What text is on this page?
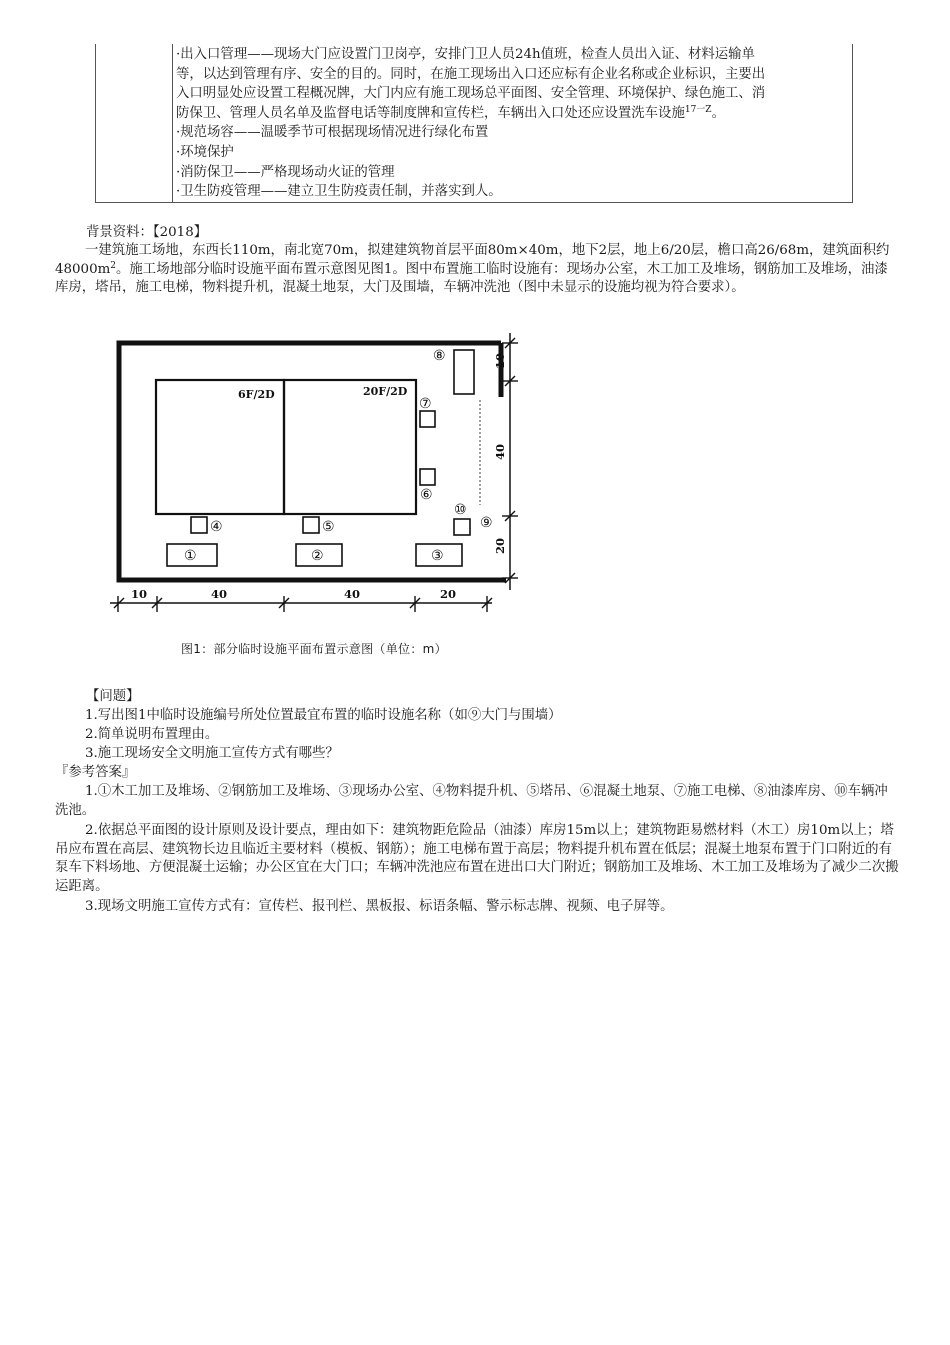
·出入口管理——现场大门应设置门卫岗亭，安排门卫人员24h值班，检查人员出入证、材料运输单

等，以达到管理有序、安全的目的。同时，在施工现场出入口还应标有企业名称或企业标识，主要出

入口明显处应设置工程概况牌，大门内应有施工现场总平面图、安全管理、环境保护、绿色施工、消

防保卫、管理人员名单及监督电话等制度牌和宣传栏，车辆出入口处还应设置洗车设施$^{17一Z}$。

·规范场容——温暖季节可根据现场情况进行绿化布置

·环境保护

·消防保卫——严格现场动火证的管理

·卫生防疫管理——建立卫生防疫责任制，并落实到人。

背景资料：【2018】

一建筑施工场地，东西长110m，南北宽70m，拟建建筑物首层平面80m×40m，地下2层，地上6/20层，檐口高26/68m，建筑面积约$48000m^2$。施工场地部分临时设施平面布置示意图见图1。图中布置施工临时设施有：现场办公室，木工加工及堆场，钢筋加工及堆场，油漆库房，塔吊，施工电梯，物料提升机，混凝土地泵，大门及围墙，车辆冲洗池（图中未显示的设施均视为符合要求）。

6F/2D	20F/2D
⑧
⑦
⑥
⑩
⑨
④	⑤
①	②	③
10	40	40	20
10
40
20
图1：部分临时设施平面布置示意图（单位：m）

【问题】

1.写出图1中临时设施编号所处位置最宜布置的临时设施名称（如⑨大门与围墙）

2.简单说明布置理由。

3.施工现场安全文明施工宣传方式有哪些？

『参考答案』

1.①木工加工及堆场、②钢筋加工及堆场、③现场办公室、④物料提升机、⑤塔吊、⑥混凝土地泵、⑦施工电梯、⑧油漆库房、⑩车辆冲洗池。

2.依据总平面图的设计原则及设计要点，理由如下：建筑物距危险品（油漆）库房15m以上；建筑物距易燃材料（木工）房10m以上；塔吊应布置在高层、建筑物长边且临近主要材料（模板、钢筋）；施工电梯布置于高层；物料提升机布置在低层；混凝土地泵布置于门口附近的有泵车下料场地、方便混凝土运输；办公区宜在大门口；车辆冲洗池应布置在进出口大门附近；钢筋加工及堆场、木工加工及堆场为了减少二次搬运距离。

3.现场文明施工宣传方式有：宣传栏、报刊栏、黑板报、标语条幅、警示标志牌、视频、电子屏等。
